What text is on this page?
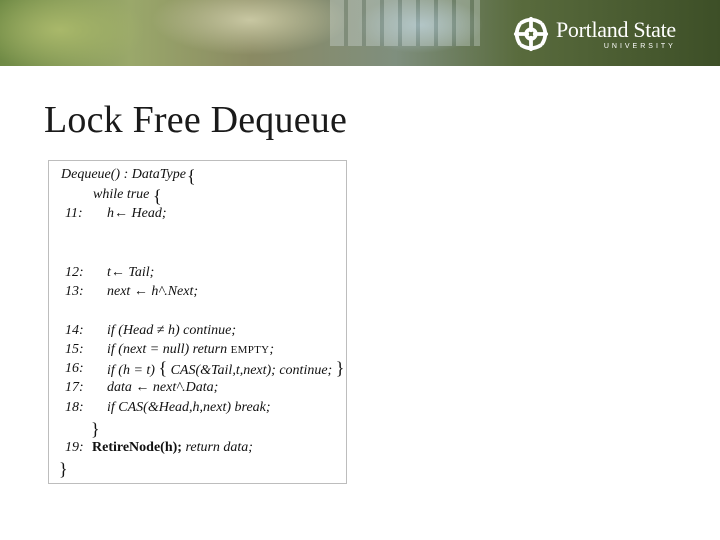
Portland State
UNIVERSITY
Lock Free Dequeue
Dequeue() : DataType {
while true {
11: h← Head;
12: t← Tail;
13: next ← h^.Next;
14: if (Head ≠ h) continue;
15: if (next = null) return EMPTY;
16: if (h = t) { CAS(&Tail,t,next); continue; }
17: data ← next^.Data;
18: if CAS(&Head,h,next) break;
}
19: RetireNode(h); return data;
}
